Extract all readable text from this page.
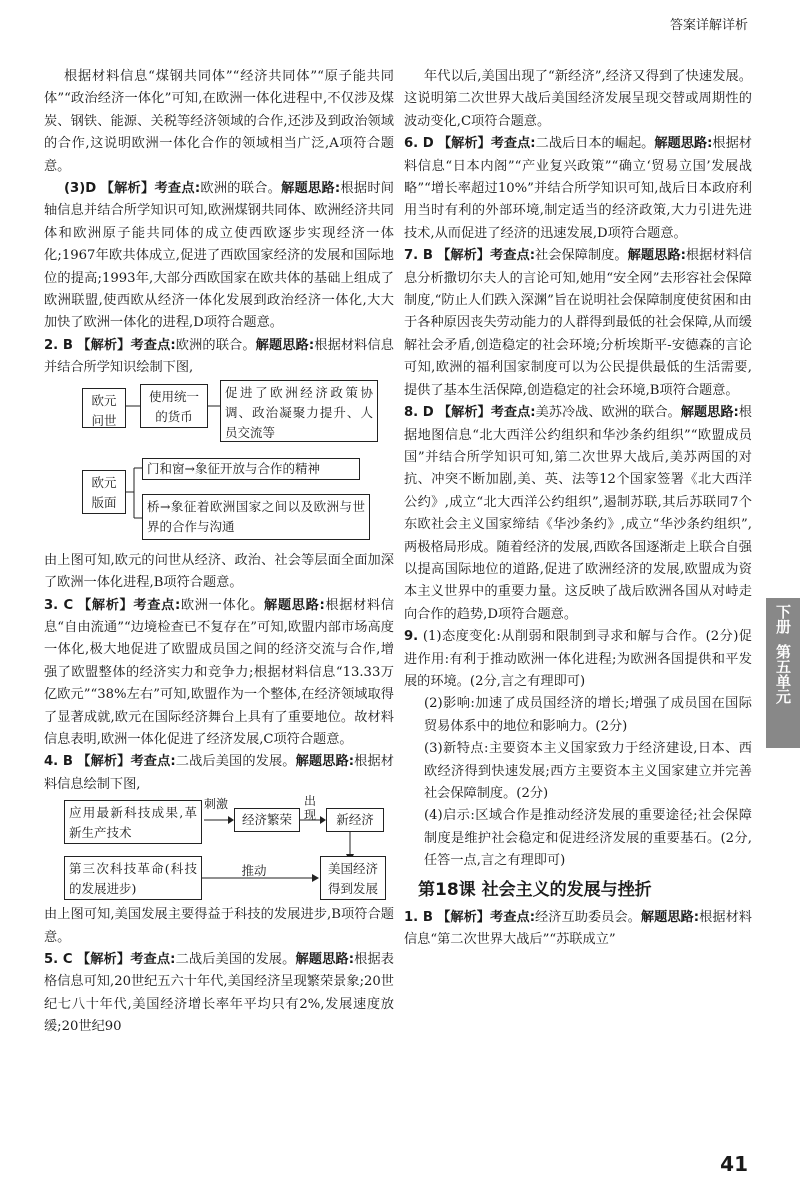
答案详解详析

根据材料信息“煤钢共同体”“经济共同体”“原子能共同体”“政治经济一体化”可知,在欧洲一体化进程中,不仅涉及煤炭、钢铁、能源、关税等经济领域的合作,还涉及到政治领域的合作,这说明欧洲一体化合作的领域相当广泛,A项符合题意。

(3)D 【解析】考查点:欧洲的联合。解题思路:根据时间轴信息并结合所学知识可知,欧洲煤钢共同体、欧洲经济共同体和欧洲原子能共同体的成立使西欧逐步实现经济一体化;1967年欧共体成立,促进了西欧国家经济的发展和国际地位的提高;1993年,大部分西欧国家在欧共体的基础上组成了欧洲联盟,使西欧从经济一体化发展到政治经济一体化,大大加快了欧洲一体化的进程,D项符合题意。

2. B 【解析】考查点:欧洲的联合。解题思路:根据材料信息并结合所学知识绘制下图,

欧元问世
使用统一的货币
促进了欧洲经济政策协调、政治凝聚力提升、人员交流等
欧元版面
门和窗→象征开放与合作的精神
桥→象征着欧洲国家之间以及欧洲与世界的合作与沟通

由上图可知,欧元的问世从经济、政治、社会等层面全面加深了欧洲一体化进程,B项符合题意。

3. C 【解析】考查点:欧洲一体化。解题思路:根据材料信息“自由流通”“边境检查已不复存在”可知,欧盟内部市场高度一体化,极大地促进了欧盟成员国之间的经济交流与合作,增强了欧盟整体的经济实力和竞争力;根据材料信息“13.33万亿欧元”“38%左右”可知,欧盟作为一个整体,在经济领域取得了显著成就,欧元在国际经济舞台上具有了重要地位。故材料信息表明,欧洲一体化促进了经济发展,C项符合题意。

4. B 【解析】考查点:二战后美国的发展。解题思路:根据材料信息绘制下图,

应用最新科技成果,革新生产技术
刺激
经济繁荣
出现	新经济
第三次科技革命(科技的发展进步)
推动	美国经济得到发展

由上图可知,美国发展主要得益于科技的发展进步,B项符合题意。

5. C 【解析】考查点:二战后美国的发展。解题思路:根据表格信息可知,20世纪五六十年代,美国经济呈现繁荣景象;20世纪七八十年代,美国经济增长率年平均只有2%,发展速度放缓;20世纪90

年代以后,美国出现了“新经济”,经济又得到了快速发展。这说明第二次世界大战后美国经济发展呈现交替或周期性的波动变化,C项符合题意。

6. D 【解析】考查点:二战后日本的崛起。解题思路:根据材料信息“日本内阁”“产业复兴政策”“确立‘贸易立国’发展战略”“增长率超过10%”并结合所学知识可知,战后日本政府利用当时有利的外部环境,制定适当的经济政策,大力引进先进技术,从而促进了经济的迅速发展,D项符合题意。

7. B 【解析】考查点:社会保障制度。解题思路:根据材料信息分析撒切尔夫人的言论可知,她用“安全网”去形容社会保障制度,“防止人们跌入深渊”旨在说明社会保障制度使贫困和由于各种原因丧失劳动能力的人群得到最低的社会保障,从而缓解社会矛盾,创造稳定的社会环境;分析埃斯平-安德森的言论可知,欧洲的福利国家制度可以为公民提供最低的生活需要,提供了基本生活保障,创造稳定的社会环境,B项符合题意。

8. D 【解析】考查点:美苏冷战、欧洲的联合。解题思路:根据地图信息“北大西洋公约组织和华沙条约组织”“欧盟成员国”并结合所学知识可知,第二次世界大战后,美苏两国的对抗、冲突不断加剧,美、英、法等12个国家签署《北大西洋公约》,成立“北大西洋公约组织”,遏制苏联,其后苏联同7个东欧社会主义国家缔结《华沙条约》,成立“华沙条约组织”,两极格局形成。随着经济的发展,西欧各国逐渐走上联合自强以提高国际地位的道路,促进了欧洲经济的发展,欧盟成为资本主义世界中的重要力量。这反映了战后欧洲各国从对峙走向合作的趋势,D项符合题意。

9. (1)态度变化:从削弱和限制到寻求和解与合作。(2分)促进作用:有利于推动欧洲一体化进程;为欧洲各国提供和平发展的环境。(2分,言之有理即可)

(2)影响:加速了成员国经济的增长;增强了成员国在国际贸易体系中的地位和影响力。(2分)

(3)新特点:主要资本主义国家致力于经济建设,日本、西欧经济得到快速发展;西方主要资本主义国家建立并完善社会保障制度。(2分)

(4)启示:区域合作是推动经济发展的重要途径;社会保障制度是维护社会稳定和促进经济发展的重要基石。(2分,任答一点,言之有理即可)

第18课 社会主义的发展与挫折

1. B 【解析】考查点:经济互助委员会。解题思路:根据材料信息“第二次世界大战后”“苏联成立”

下册
第五单元
41
